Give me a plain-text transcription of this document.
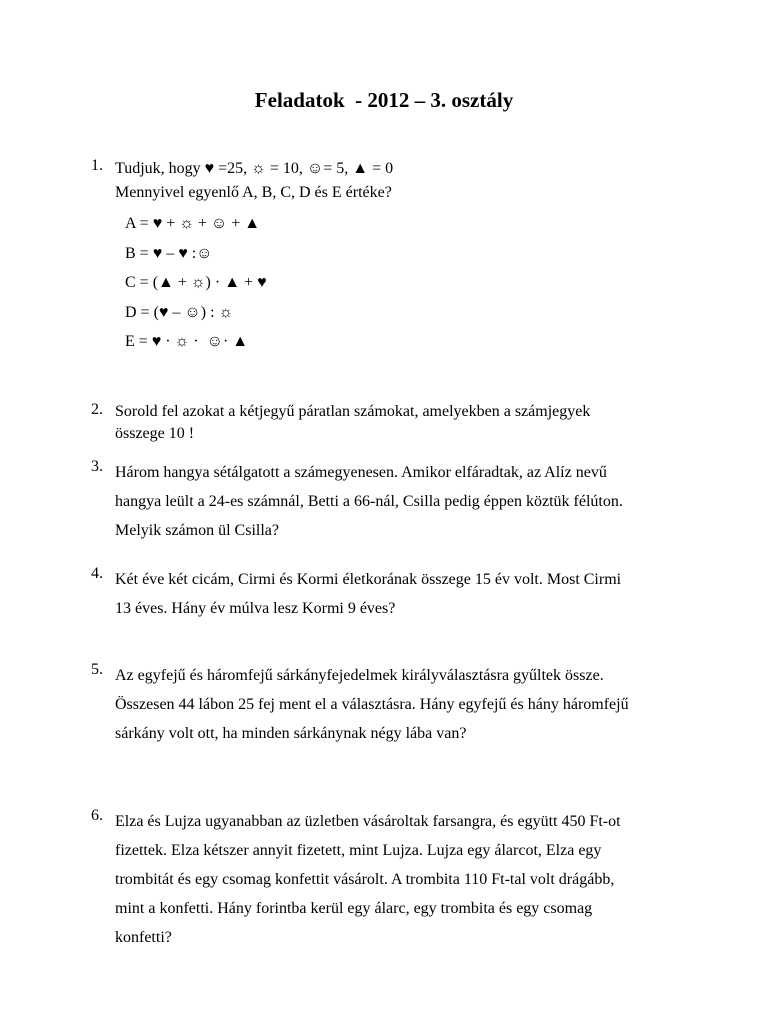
Feladatok  - 2012 – 3. osztály
1. Tudjuk, hogy ♥ =25, ☼ = 10, ☺= 5, ▲ = 0
Mennyivel egyenlő A, B, C, D és E értéke?
A = ♥ + ☼ + ☺ + ▲
B = ♥ – ♥ :☺
C = (▲ + ☼) · ▲ + ♥
D = (♥ – ☺) : ☼
E = ♥ · ☼ ·  ☺· ▲
2. Sorold fel azokat a kétjegyű páratlan számokat, amelyekben a számjegyek
összege 10 !
3. Három hangya sétálgatott a számegyenesen. Amikor elfáradtak, az Alíz nevű
hangya leült a 24-es számnál, Betti a 66-nál, Csilla pedig éppen köztük félúton.
Melyik számon ül Csilla?
4. Két éve két cicám, Cirmi és Kormi életkorának összege 15 év volt. Most Cirmi
13 éves. Hány év múlva lesz Kormi 9 éves?
5. Az egyfejű és háromfejű sárkányfejedelmek királyválasztásra gyűltek össze.
Összesen 44 lábon 25 fej ment el a választásra. Hány egyfejű és hány háromfejű
sárkány volt ott, ha minden sárkánynak négy lába van?
6. Elza és Lujza ugyanabban az üzletben vásároltak farsangra, és együtt 450 Ft-ot
fizettek. Elza kétszer annyit fizetett, mint Lujza. Lujza egy álarcot, Elza egy
trombitát és egy csomag konfettit vásárolt. A trombita 110 Ft-tal volt drágább,
mint a konfetti. Hány forintba kerül egy álarc, egy trombita és egy csomag
konfetti?
